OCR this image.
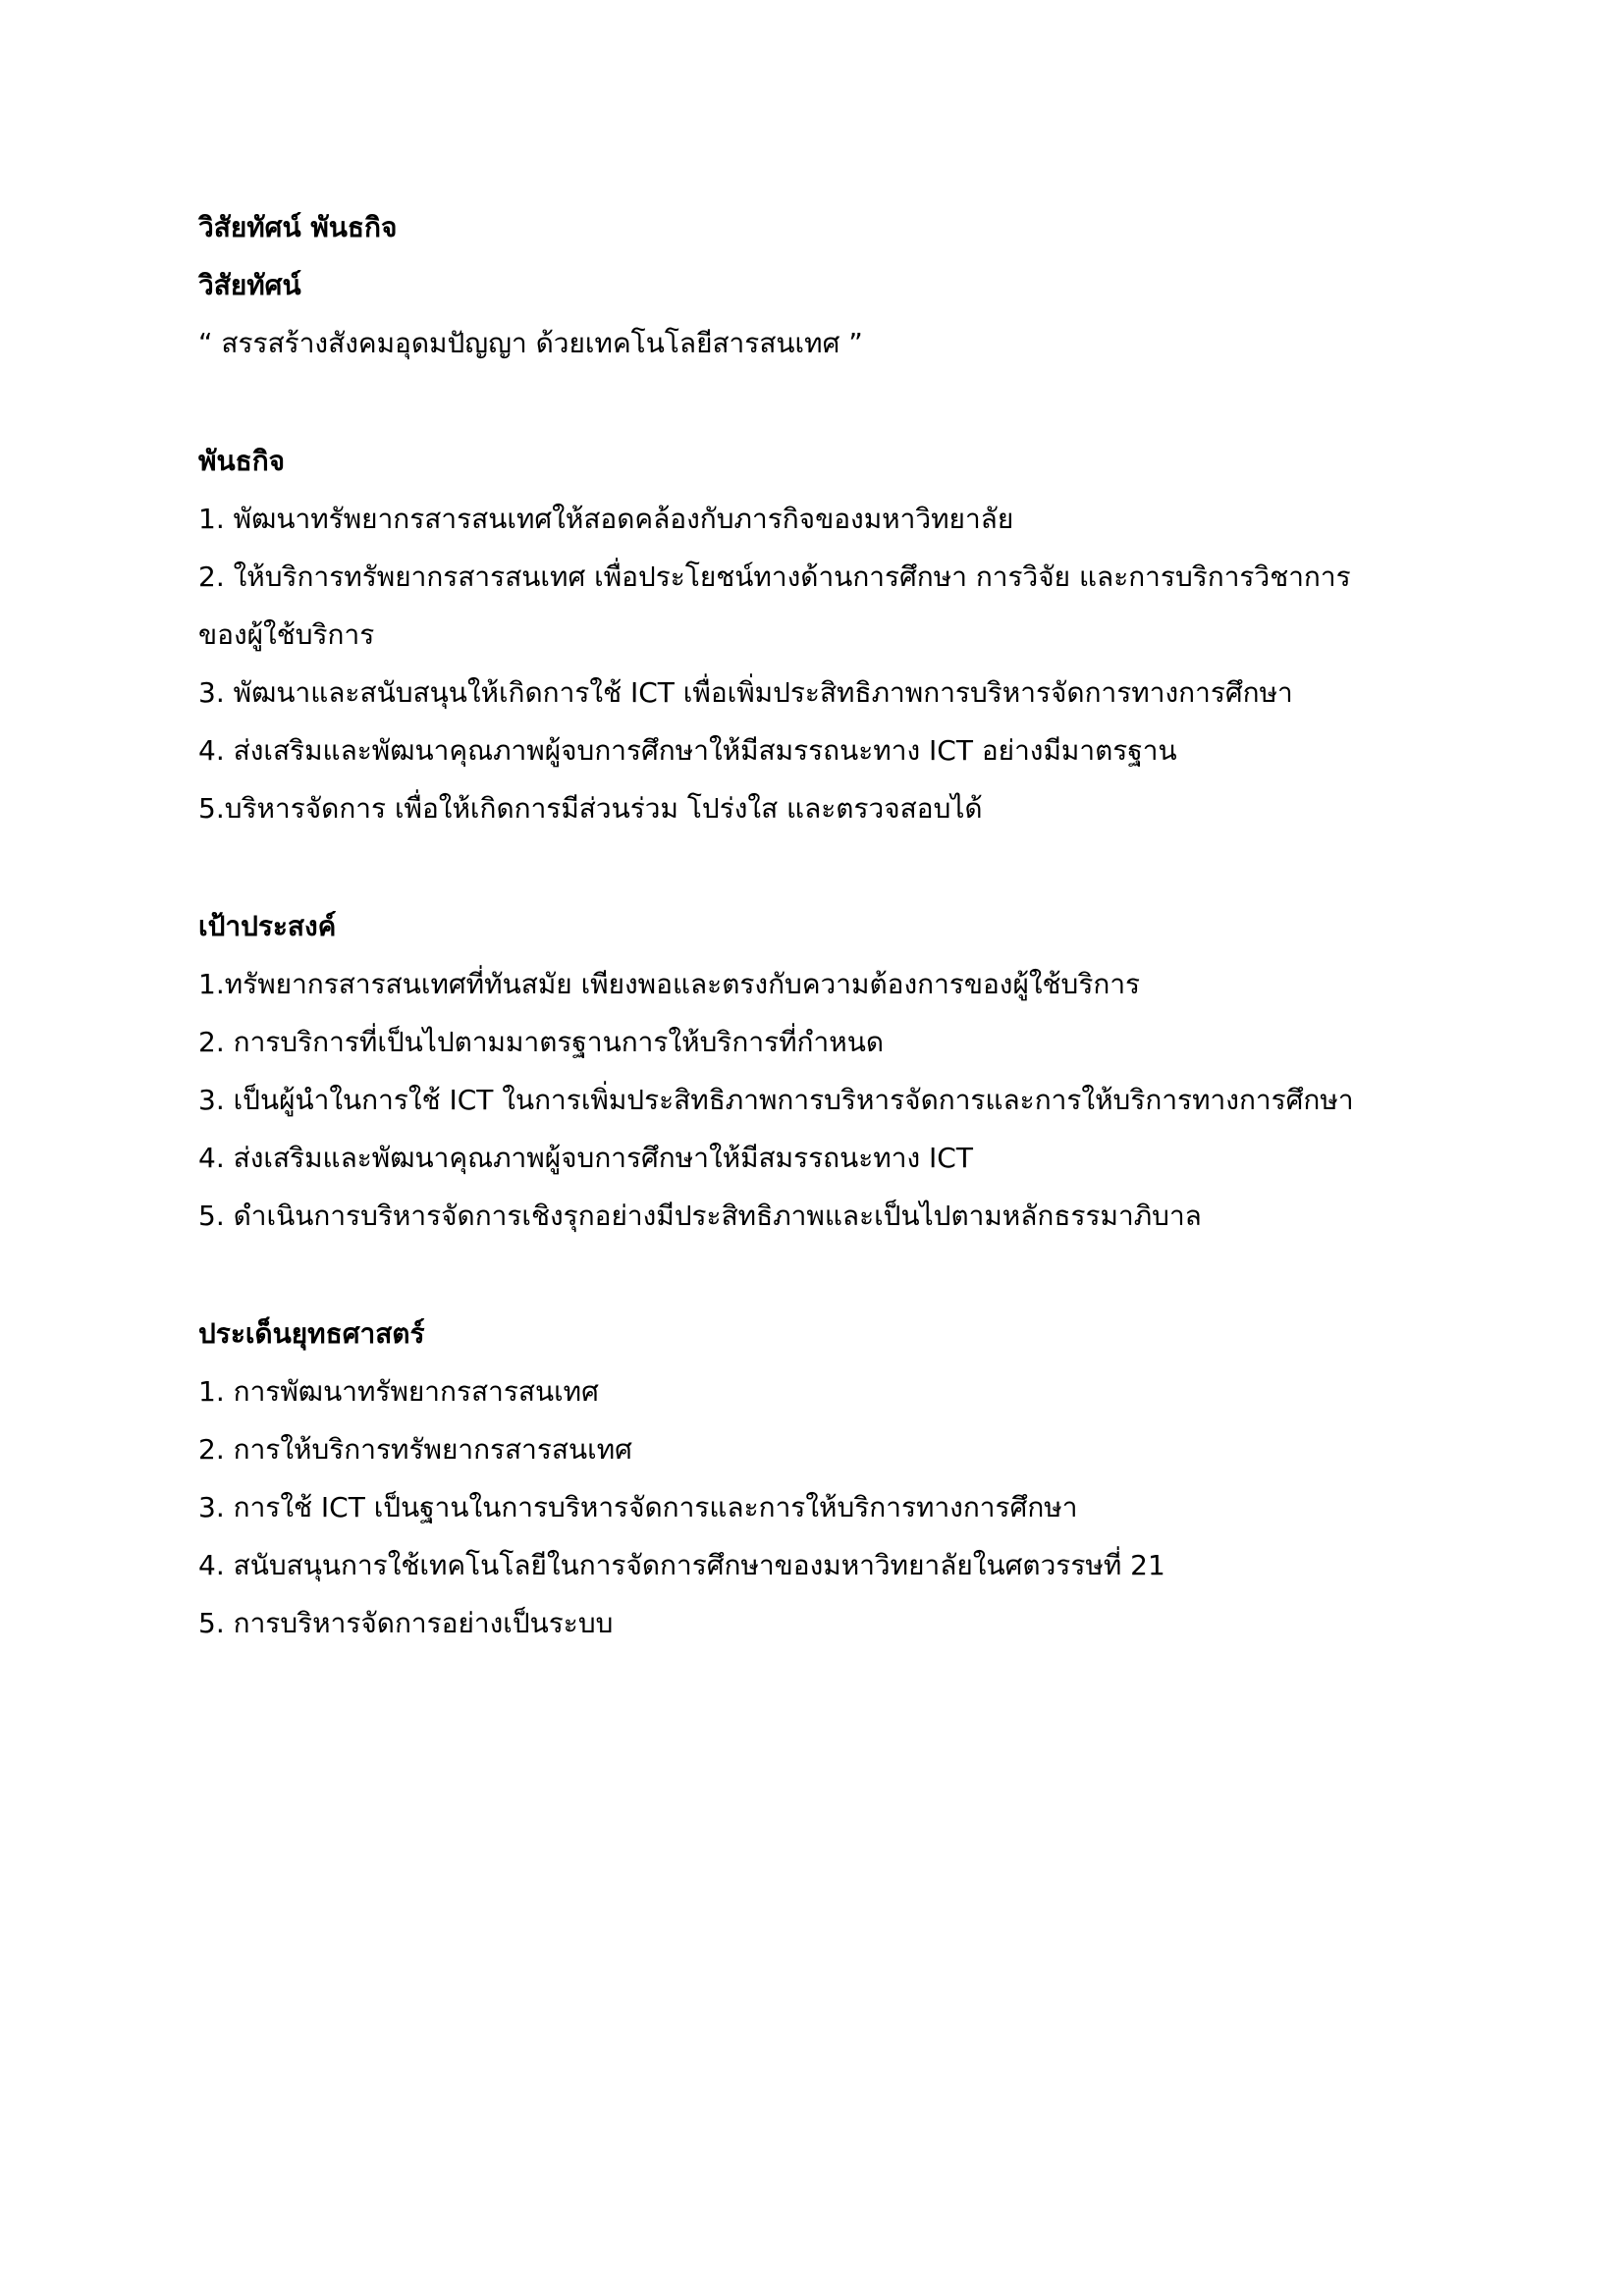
วิสัยทัศน์ พันธกิจ
วิสัยทัศน์
“ สรรสร้างสังคมอุดมปัญญา ด้วยเทคโนโลยีสารสนเทศ ”
พันธกิจ
1. พัฒนาทรัพยากรสารสนเทศให้สอดคล้องกับภารกิจของมหาวิทยาลัย
2. ให้บริการทรัพยากรสารสนเทศ เพื่อประโยชน์ทางด้านการศึกษา การวิจัย และการบริการวิชาการ ของผู้ใช้บริการ
3. พัฒนาและสนับสนุนให้เกิดการใช้ ICT เพื่อเพิ่มประสิทธิภาพการบริหารจัดการทางการศึกษา
4. ส่งเสริมและพัฒนาคุณภาพผู้จบการศึกษาให้มีสมรรถนะทาง ICT อย่างมีมาตรฐาน
5.บริหารจัดการ เพื่อให้เกิดการมีส่วนร่วม โปร่งใส และตรวจสอบได้
เป้าประสงค์
1.ทรัพยากรสารสนเทศที่ทันสมัย เพียงพอและตรงกับความต้องการของผู้ใช้บริการ
2. การบริการที่เป็นไปตามมาตรฐานการให้บริการที่กำหนด
3. เป็นผู้นำในการใช้ ICT ในการเพิ่มประสิทธิภาพการบริหารจัดการและการให้บริการทางการศึกษา
4. ส่งเสริมและพัฒนาคุณภาพผู้จบการศึกษาให้มีสมรรถนะทาง ICT
5. ดำเนินการบริหารจัดการเชิงรุกอย่างมีประสิทธิภาพและเป็นไปตามหลักธรรมาภิบาล
ประเด็นยุทธศาสตร์
1. การพัฒนาทรัพยากรสารสนเทศ
2. การให้บริการทรัพยากรสารสนเทศ
3. การใช้ ICT เป็นฐานในการบริหารจัดการและการให้บริการทางการศึกษา
4. สนับสนุนการใช้เทคโนโลยีในการจัดการศึกษาของมหาวิทยาลัยในศตวรรษที่ 21
5. การบริหารจัดการอย่างเป็นระบบ
